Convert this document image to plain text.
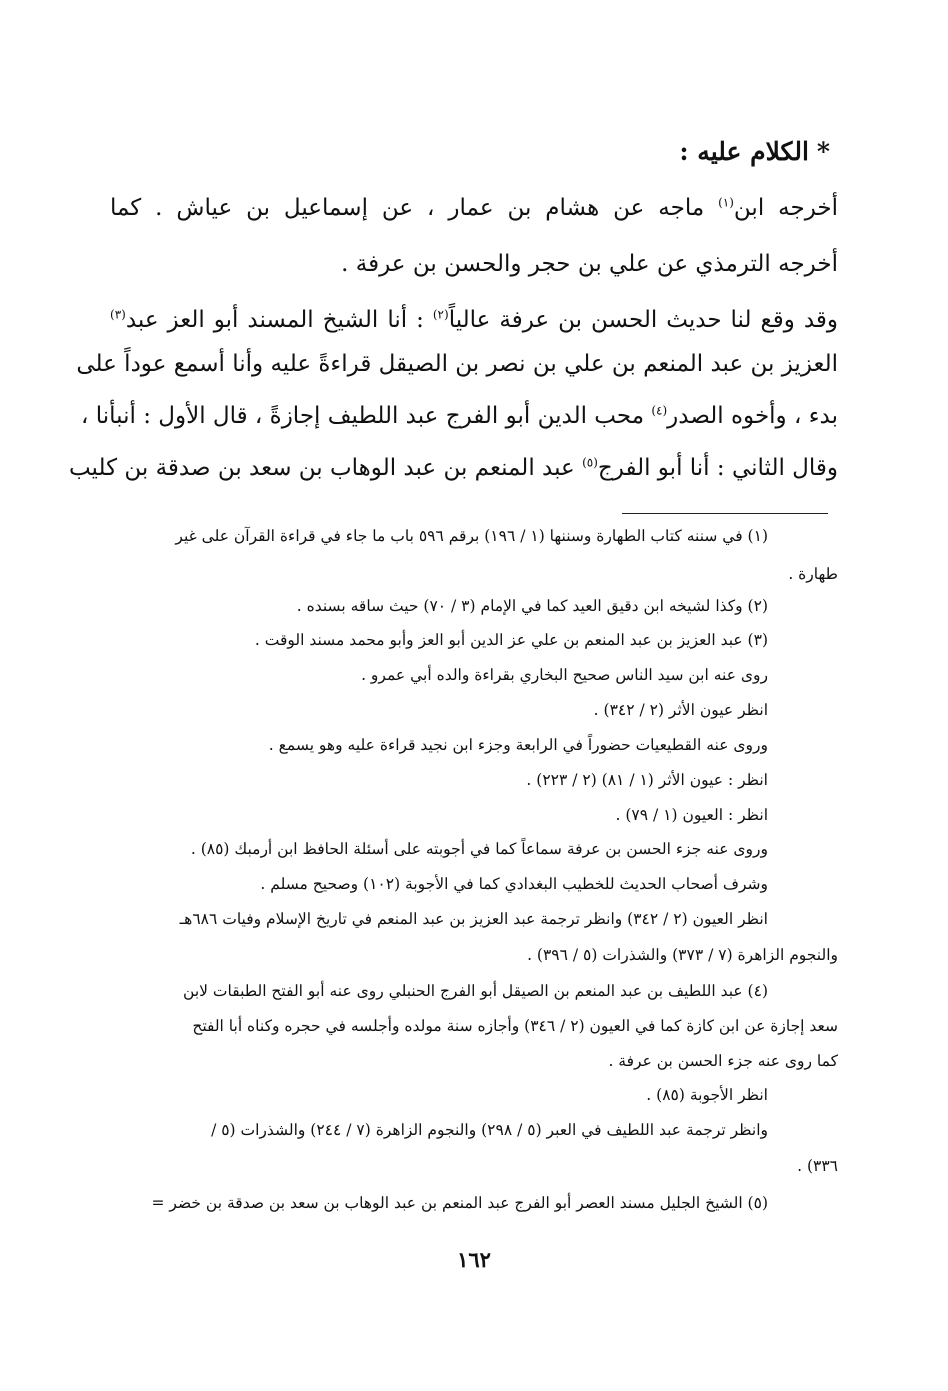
*الكلام عليه :
أخرجه ابن$^{(١)}$ ماجه عن هشام بن عمار ، عن إسماعيل بن عياش . كما
أخرجه الترمذي عن علي بن حجر والحسن بن عرفة .
وقد وقع لنا حديث الحسن بن عرفة عالياً$^{(٢)}$ : أنا الشيخ المسند أبو العز عبد$^{(٣)}$
العزيز بن عبد المنعم بن علي بن نصر بن الصيقل قراءةً عليه وأنا أسمع عوداً على
بدء ، وأخوه الصدر$^{(٤)}$ محب الدين أبو الفرج عبد اللطيف إجازةً ، قال الأول : أنبأنا ،
وقال الثاني : أنا أبو الفرج$^{(٥)}$ عبد المنعم بن عبد الوهاب بن سعد بن صدقة بن كليب
(١) في سننه كتاب الطهارة وسننها (١ / ١٩٦) برقم ٥٩٦ باب ما جاء في قراءة القرآن على غير
طهارة .
(٢) وكذا لشيخه ابن دقيق العيد كما في الإمام (٣ / ٧٠) حيث ساقه بسنده .
(٣) عبد العزيز بن عبد المنعم بن علي عز الدين أبو العز وأبو محمد مسند الوقت .
روى عنه ابن سيد الناس صحيح البخاري بقراءة والده أبي عمرو .
انظر عيون الأثر (٢ / ٣٤٢) .
وروى عنه القطيعيات حضوراً في الرابعة وجزء ابن نجيد قراءة عليه وهو يسمع .
انظر : عيون الأثر (١ / ٨١) (٢ / ٢٢٣) .
انظر : العيون (١ / ٧٩) .
وروى عنه جزء الحسن بن عرفة سماعاً كما في أجوبته على أسئلة الحافظ ابن أرمبك (٨٥) .
وشرف أصحاب الحديث للخطيب البغدادي كما في الأجوبة (١٠٢) وصحيح مسلم .
انظر العيون (٢ / ٣٤٢) وانظر ترجمة عبد العزيز بن عبد المنعم في تاريخ الإسلام وفيات ٦٨٦هـ
والنجوم الزاهرة (٧ / ٣٧٣) والشذرات (٥ / ٣٩٦) .
(٤) عبد اللطيف بن عبد المنعم بن الصيقل أبو الفرج الحنبلي روى عنه أبو الفتح الطبقات لابن
سعد إجازة عن ابن كازة كما في العيون (٢ / ٣٤٦) وأجازه سنة مولده وأجلسه في حجره وكناه أبا الفتح
كما روى عنه جزء الحسن بن عرفة .
انظر الأجوبة (٨٥) .
وانظر ترجمة عبد اللطيف في العبر (٥ / ٢٩٨) والنجوم الزاهرة (٧ / ٢٤٤) والشذرات (٥ /
٣٣٦) .
(٥) الشيخ الجليل مسند العصر أبو الفرج عبد المنعم بن عبد الوهاب بن سعد بن صدقة بن خضر =
١٦٢
